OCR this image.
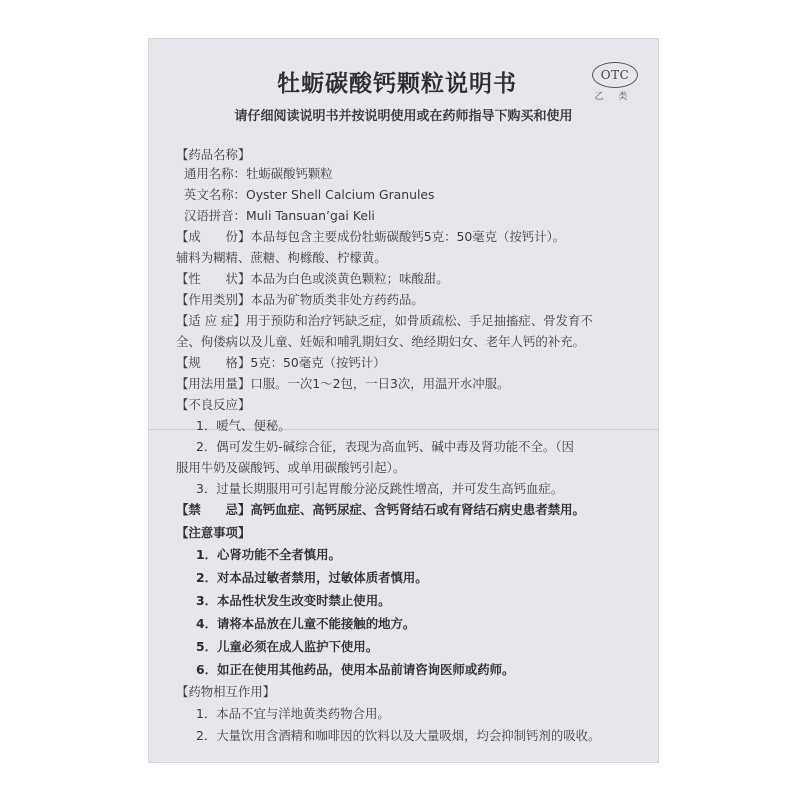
牡蛎碳酸钙颗粒说明书	OTC
乙 类
请仔细阅读说明书并按说明使用或在药师指导下购买和使用
【药品名称】
通用名称：牡蛎碳酸钙颗粒
英文名称：Oyster Shell Calcium Granules
汉语拼音：Muli Tansuan’gai Keli
【成　　份】本品每包含主要成份牡蛎碳酸钙5克：50毫克（按钙计）。
辅料为糊精、蔗糖、枸橼酸、柠檬黄。
【性　　状】本品为白色或淡黄色颗粒；味酸甜。
【作用类别】本品为矿物质类非处方药药品。
【适 应 症】用于预防和治疗钙缺乏症，如骨质疏松、手足抽搐症、骨发育不
全、佝偻病以及儿童、妊娠和哺乳期妇女、绝经期妇女、老年人钙的补充。
【规　　格】5克：50毫克（按钙计）
【用法用量】口服。一次1～2包，一日3次，用温开水冲服。
【不良反应】
1．嗳气、便秘。
2．偶可发生奶-碱综合征，表现为高血钙、碱中毒及肾功能不全。（因
服用牛奶及碳酸钙、或单用碳酸钙引起）。
3．过量长期服用可引起胃酸分泌反跳性增高，并可发生高钙血症。
【禁　　忌】高钙血症、高钙尿症、含钙肾结石或有肾结石病史患者禁用。
【注意事项】
1．心肾功能不全者慎用。
2．对本品过敏者禁用，过敏体质者慎用。
3．本品性状发生改变时禁止使用。
4．请将本品放在儿童不能接触的地方。
5．儿童必须在成人监护下使用。
6．如正在使用其他药品，使用本品前请咨询医师或药师。
【药物相互作用】
1．本品不宜与洋地黄类药物合用。
2．大量饮用含酒精和咖啡因的饮料以及大量吸烟，均会抑制钙剂的吸收。
